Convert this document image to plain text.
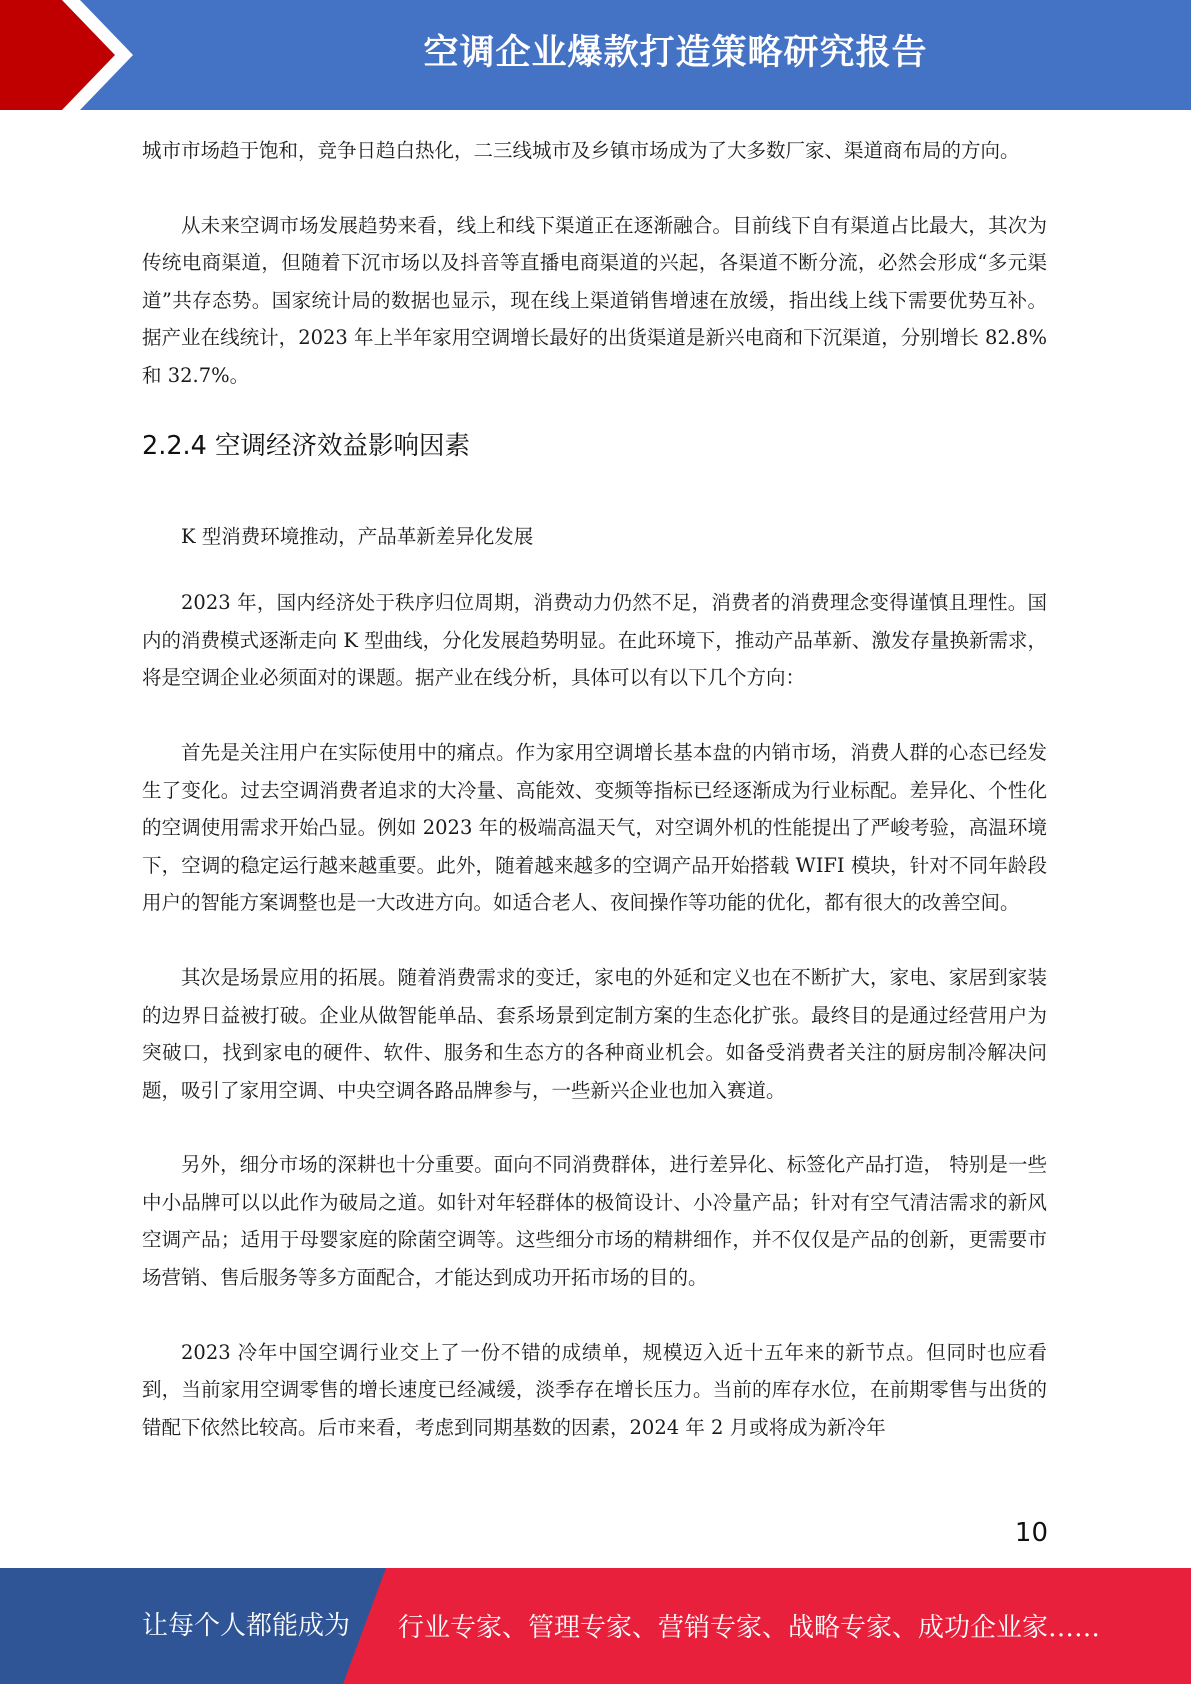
空调企业爆款打造策略研究报告

城市市场趋于饱和，竞争日趋白热化，二三线城市及乡镇市场成为了大多数厂家、渠道商布局的方向。

从未来空调市场发展趋势来看，线上和线下渠道正在逐渐融合。目前线下自有渠道占比最大，其次为传统电商渠道，但随着下沉市场以及抖音等直播电商渠道的兴起，各渠道不断分流，必然会形成“多元渠道”共存态势。国家统计局的数据也显示，现在线上渠道销售增速在放缓，指出线上线下需要优势互补。据产业在线统计，2023 年上半年家用空调增长最好的出货渠道是新兴电商和下沉渠道，分别增长 82.8%和 32.7%。

2.2.4 空调经济效益影响因素

K 型消费环境推动，产品革新差异化发展

2023 年，国内经济处于秩序归位周期，消费动力仍然不足，消费者的消费理念变得谨慎且理性。国内的消费模式逐渐走向 K 型曲线，分化发展趋势明显。在此环境下，推动产品革新、激发存量换新需求，将是空调企业必须面对的课题。据产业在线分析，具体可以有以下几个方向：

首先是关注用户在实际使用中的痛点。作为家用空调增长基本盘的内销市场，消费人群的心态已经发生了变化。过去空调消费者追求的大冷量、高能效、变频等指标已经逐渐成为行业标配。差异化、个性化的空调使用需求开始凸显。例如 2023 年的极端高温天气，对空调外机的性能提出了严峻考验，高温环境下，空调的稳定运行越来越重要。此外，随着越来越多的空调产品开始搭载 WIFI 模块，针对不同年龄段用户的智能方案调整也是一大改进方向。如适合老人、夜间操作等功能的优化，都有很大的改善空间。

其次是场景应用的拓展。随着消费需求的变迁，家电的外延和定义也在不断扩大，家电、家居到家装的边界日益被打破。企业从做智能单品、套系场景到定制方案的生态化扩张。最终目的是通过经营用户为突破口，找到家电的硬件、软件、服务和生态方的各种商业机会。如备受消费者关注的厨房制冷解决问题，吸引了家用空调、中央空调各路品牌参与，一些新兴企业也加入赛道。

另外，细分市场的深耕也十分重要。面向不同消费群体，进行差异化、标签化产品打造， 特别是一些中小品牌可以以此作为破局之道。如针对年轻群体的极简设计、小冷量产品；针对有空气清洁需求的新风空调产品；适用于母婴家庭的除菌空调等。这些细分市场的精耕细作，并不仅仅是产品的创新，更需要市场营销、售后服务等多方面配合，才能达到成功开拓市场的目的。

2023 冷年中国空调行业交上了一份不错的成绩单，规模迈入近十五年来的新节点。但同时也应看到，当前家用空调零售的增长速度已经减缓，淡季存在增长压力。当前的库存水位，在前期零售与出货的错配下依然比较高。后市来看，考虑到同期基数的因素，2024 年 2 月或将成为新冷年

10
让每个人都能成为 行业专家、管理专家、营销专家、战略专家、成功企业家……
